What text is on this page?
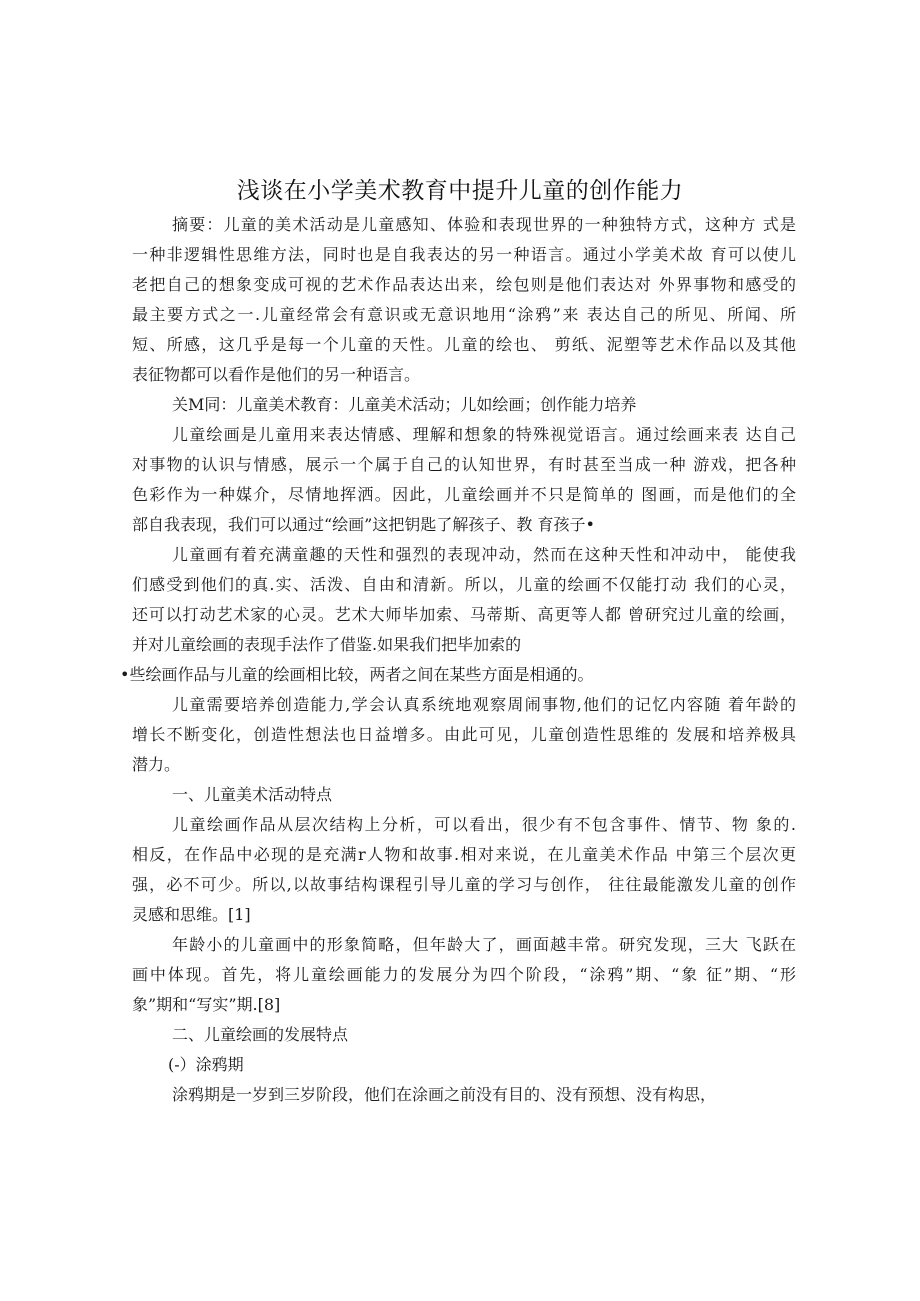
浅谈在小学美术教育中提升儿童的创作能力
摘要：儿童的美术活动是儿童感知、体验和表现世界的一种独特方式，这种方 式是
一种非逻辑性思维方法，同时也是自我表达的另一种语言。通过小学美术故 育可以使儿
老把自己的想象变成可视的艺术作品表达出来，绘包则是他们表达对 外界事物和感受的
最主要方式之一.儿童经常会有意识或无意识地用“涂鸦”来 表达自己的所见、所闻、所
短、所感，这几乎是每一个儿童的天性。儿童的绘也、 剪纸、泥塑等艺术作品以及其他
表征物都可以看作是他们的另一种语言。
关M同：儿童美术教育：儿童美术活动；儿如绘画；创作能力培养
儿童绘画是儿童用来表达情感、理解和想象的特殊视觉语言。通过绘画来表 达自己
对事物的认识与情感，展示一个属于自己的认知世界，有时甚至当成一种 游戏，把各种
色彩作为一种媒介，尽情地挥洒。因此，儿童绘画并不只是简单的 图画，而是他们的全
部自我表现，我们可以通过“绘画”这把钥匙了解孩子、教 育孩子•
儿童画有着充满童趣的天性和强烈的表现冲动，然而在这种天性和冲动中， 能使我
们感受到他们的真.实、活泼、自由和清新。所以，儿童的绘画不仅能打动 我们的心灵，
还可以打动艺术家的心灵。艺术大师毕加索、马蒂斯、高更等人都 曾研究过儿童的绘画，
并对儿童绘画的表现手法作了借鉴.如果我们把毕加索的
•些绘画作品与儿童的绘画相比较，两者之间在某些方面是相通的。
儿童需要培养创造能力,学会认真系统地观察周闹事物,他们的记忆内容随 着年龄的
增长不断变化，创造性想法也日益增多。由此可见，儿童创造性思维的 发展和培养极具
潜力。
一、儿童美术活动特点
儿童绘画作品从层次结构上分析，可以看出，很少有不包含事件、情节、物 象的.
相反，在作品中必现的是充满r人物和故事.相对来说，在儿童美术作品 中第三个层次更
强，必不可少。所以,以故事结构课程引导儿童的学习与创作， 往往最能激发儿童的创作
灵感和思维。[1]
年龄小的儿童画中的形象简略，但年龄大了，画面越丰常。研究发现，三大 飞跃在
画中体现。首先，将儿童绘画能力的发展分为四个阶段，“涂鸦”期、“象 征”期、“形
象”期和“写实”期.[8]
二、儿童绘画的发展特点
(-）涂鸦期
涂鸦期是一岁到三岁阶段，他们在涂画之前没有目的、没有预想、没有构思，
